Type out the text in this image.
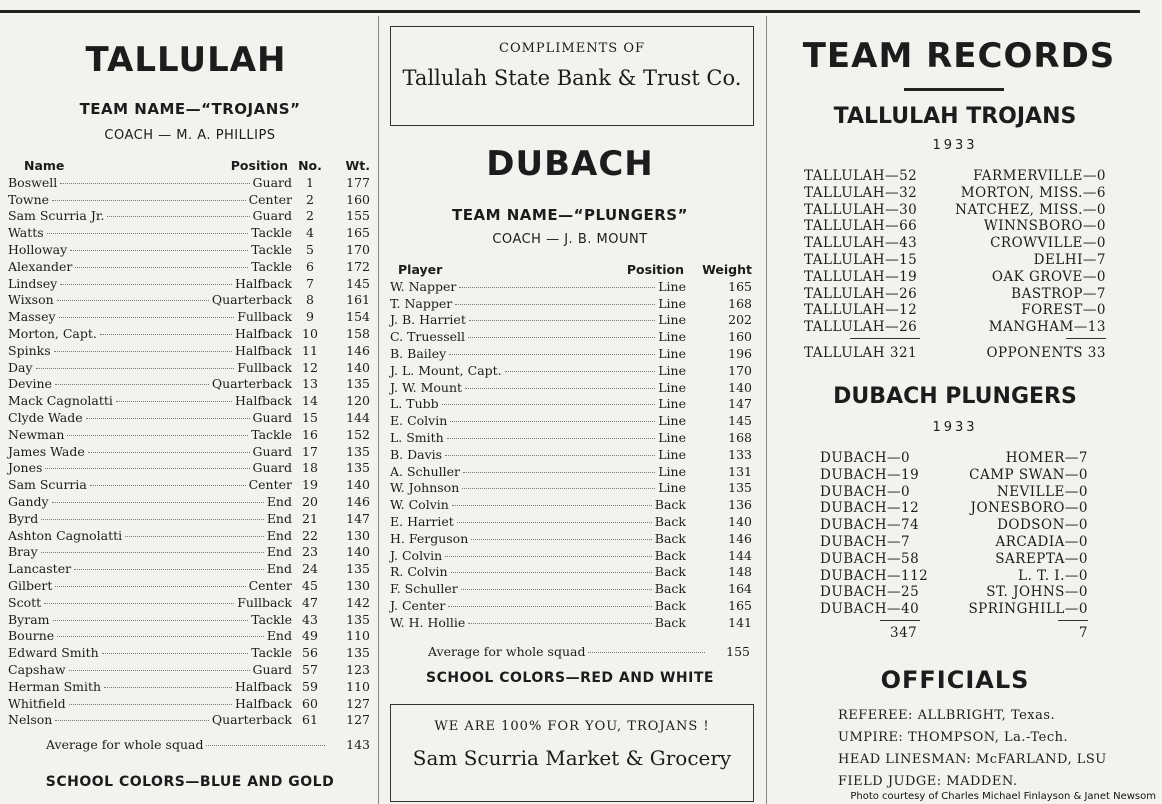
TALLULAH
TEAM NAME—“TROJANS”
COACH — M. A. PHILLIPS
Name	Position No.	Wt.
Boswell	Guard	1	177
Towne	Center	2	160
Sam Scurria Jr.	Guard	2	155
Watts	Tackle	4	165
Holloway	Tackle	5	170
Alexander	Tackle	6	172
Lindsey	Halfback	7	145
Wixson	Quarterback	8	161
Massey	Fullback	9	154
Morton, Capt.	Halfback 10	158
Spinks	Halfback 11	146
Day	Fullback 12	140
Devine	Quarterback 13	135
Mack Cagnolatti	Halfback 14	120
Clyde Wade	Guard 15	144
Newman	Tackle 16	152
James Wade	Guard 17	135
Jones	Guard 18	135
Sam Scurria	Center 19	140
Gandy	End 20	146
Byrd	End 21	147
Ashton Cagnolatti	End 22	130
Bray	End 23	140
Lancaster	End 24	135
Gilbert	Center 45	130
Scott	Fullback 47	142
Byram	Tackle 43	135
Bourne	End 49	110
Edward Smith	Tackle 56	135
Capshaw	Guard 57	123
Herman Smith	Halfback 59	110
Whitfield	Halfback 60	127
Nelson	Quarterback 61	127
Average for whole squad	143
SCHOOL COLORS—BLUE AND GOLD
COMPLIMENTS OF
Tallulah State Bank & Trust Co.
DUBACH
TEAM NAME—“PLUNGERS”
COACH — J. B. MOUNT
Player	Position	Weight
W. Napper	Line	165
T. Napper	Line	168
J. B. Harriet	Line	202
C. Truessell	Line	160
B. Bailey	Line	196
J. L. Mount, Capt.	Line	170
J. W. Mount	Line	140
L. Tubb	Line	147
E. Colvin	Line	145
L. Smith	Line	168
B. Davis	Line	133
A. Schuller	Line	131
W. Johnson	Line	135
W. Colvin	Back	136
E. Harriet	Back	140
H. Ferguson	Back	146
J. Colvin	Back	144
R. Colvin	Back	148
F. Schuller	Back	164
J. Center	Back	165
W. H. Hollie	Back	141
Average for whole squad	155
SCHOOL COLORS—RED AND WHITE
WE ARE 100% FOR YOU, TROJANS !
Sam Scurria Market & Grocery
TEAM RECORDS
TALLULAH TROJANS
1933
TALLULAH—52	FARMERVILLE—0
TALLULAH—32	MORTON, MISS.—6
TALLULAH—30	NATCHEZ, MISS.—0
TALLULAH—66	WINNSBORO—0
TALLULAH—43	CROWVILLE—0
TALLULAH—15	DELHI—7
TALLULAH—19	OAK GROVE—0
TALLULAH—26	BASTROP—7
TALLULAH—12	FOREST—0
TALLULAH—26	MANGHAM—13
TALLULAH 321	OPPONENTS 33
DUBACH PLUNGERS
1933
DUBACH—0	HOMER—7
DUBACH—19	CAMP SWAN—0
DUBACH—0	NEVILLE—0
DUBACH—12	JONESBORO—0
DUBACH—74	DODSON—0
DUBACH—7	ARCADIA—0
DUBACH—58	SAREPTA—0
DUBACH—112	L. T. I.—0
DUBACH—25	ST. JOHNS—0
DUBACH—40	SPRINGHILL—0
347	7
OFFICIALS
REFEREE: ALLBRIGHT, Texas.
UMPIRE: THOMPSON, La.-Tech.
HEAD LINESMAN: McFARLAND, LSU
FIELD JUDGE: MADDEN.
Photo courtesy of Charles Michael Finlayson & Janet Newsom
